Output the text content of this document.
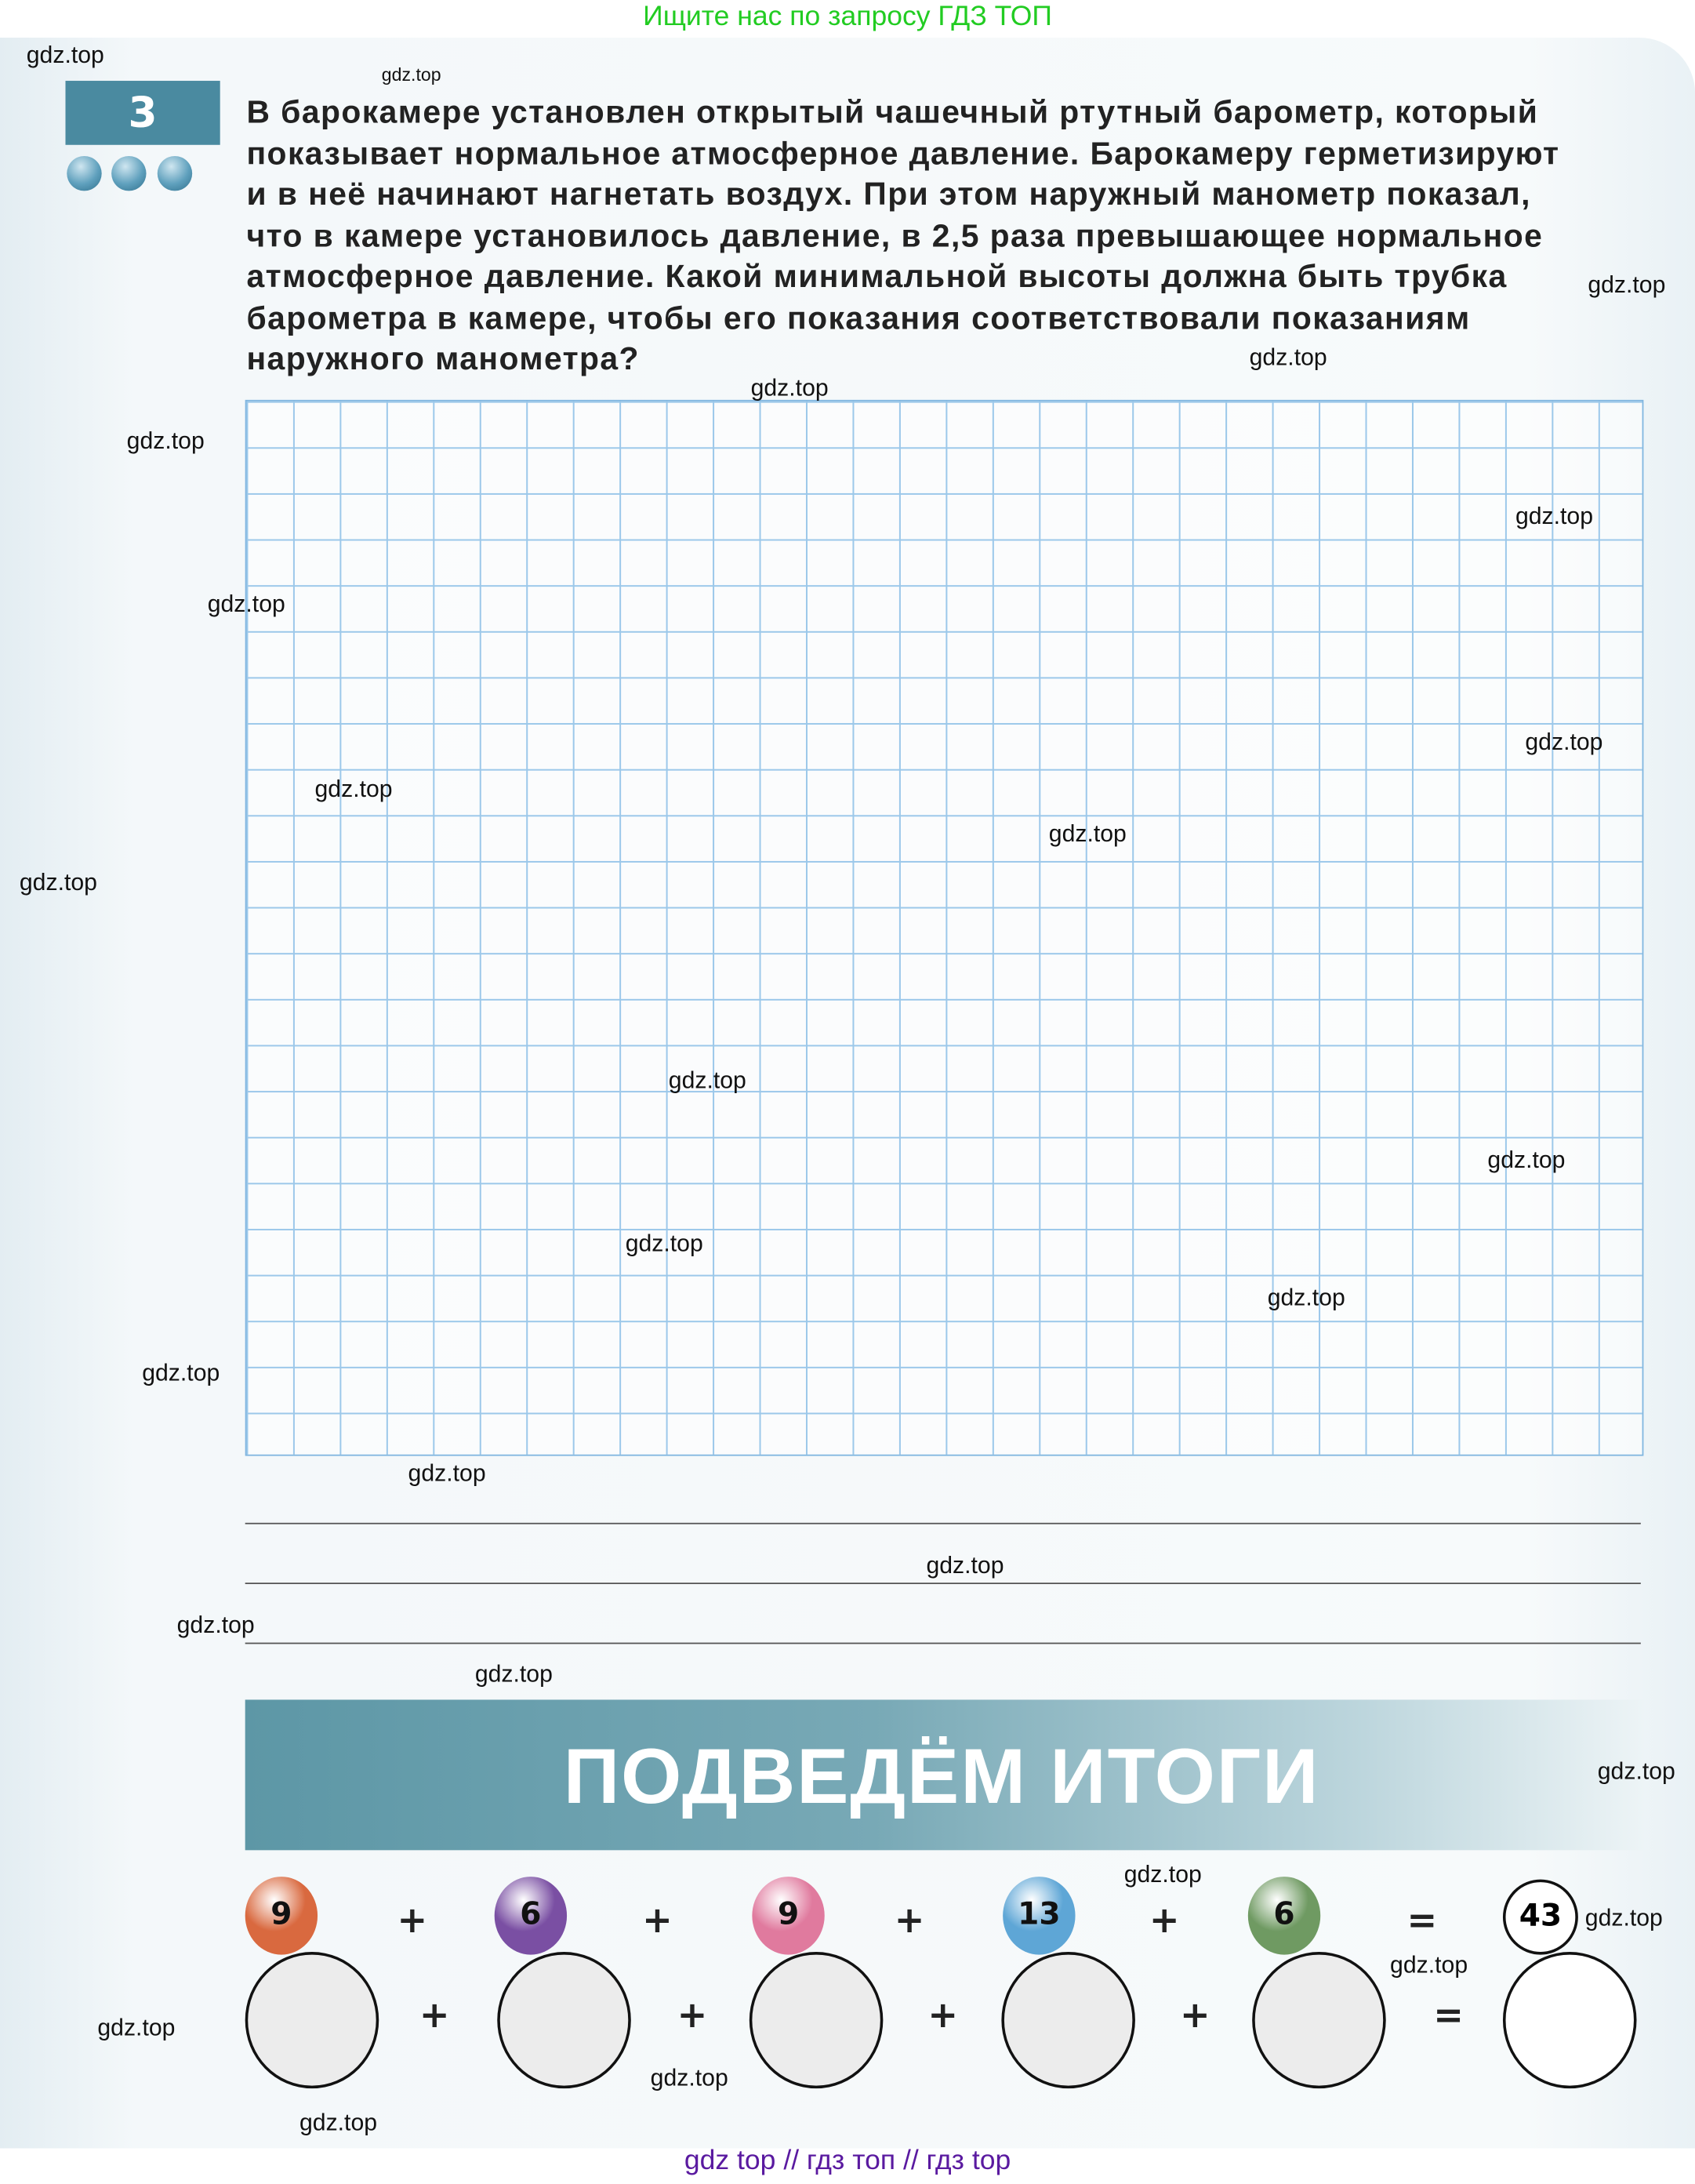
Ищите нас по запросу ГДЗ ТОП
3	В барокамере установлен открытый чашечный ртутный барометр, который
показывает нормальное атмосферное давление. Барокамеру герметизируют
и в неё начинают нагнетать воздух. При этом наружный манометр показал,
что в камере установилось давление, в 2,5 раза превышающее нормальное
атмосферное давление. Какой минимальной высоты должна быть трубка
барометра в камере, чтобы его показания соответствовали показаниям
наружного манометра?
ПОДВЕДЁМ ИТОГИ
9	6	9	13	6
+	+	+	+	=	43
+	+	+	+	=
gdz.top
gdz.top
gdz.top
gdz.top
gdz.top
gdz.top
gdz.top
gdz.top
gdz.top
gdz.top
gdz.top
gdz.top
gdz.top
gdz.top
gdz.top
gdz.top
gdz.top
gdz.top
gdz.top
gdz.top
gdz.top
gdz.top
gdz.top
gdz.top
gdz.top
gdz.top
gdz.top
gdz.top
gdz top // гдз топ // гдз top
